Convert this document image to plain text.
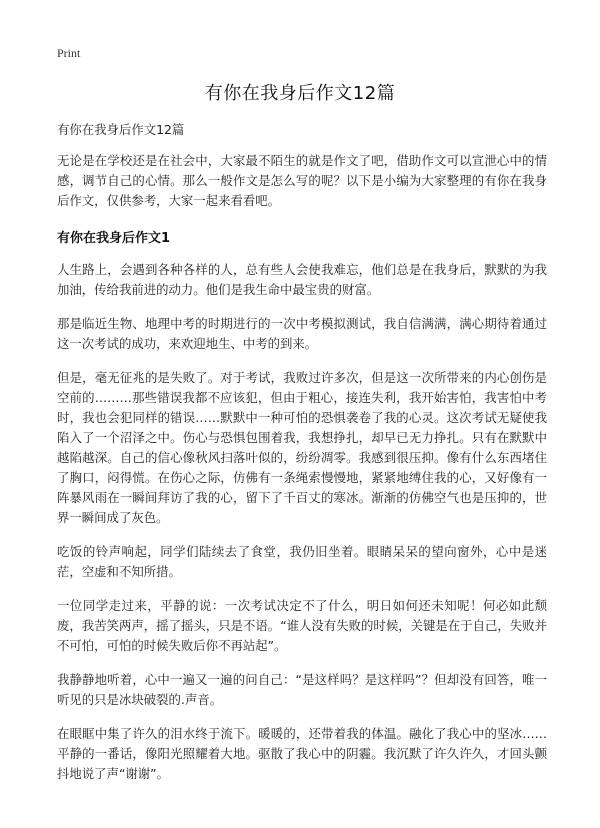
Print
有你在我身后作文12篇

有你在我身后作文12篇

无论是在学校还是在社会中，大家最不陌生的就是作文了吧，借助作文可以宣泄心中的情感，调节自己的心情。那么一般作文是怎么写的呢？以下是小编为大家整理的有你在我身后作文，仅供参考，大家一起来看看吧。

有你在我身后作文1

人生路上，会遇到各种各样的人，总有些人会使我难忘，他们总是在我身后，默默的为我加油，传给我前进的动力。他们是我生命中最宝贵的财富。

那是临近生物、地理中考的时期进行的一次中考模拟测试，我自信满满，满心期待着通过这一次考试的成功，来欢迎地生、中考的到来。

但是，毫无征兆的是失败了。对于考试，我败过许多次，但是这一次所带来的内心创伤是空前的………那些错误我都不应该犯，但由于粗心，接连失利，我开始害怕，我害怕中考时，我也会犯同样的错误……默默中一种可怕的恐惧袭卷了我的心灵。这次考试无疑使我陷入了一个沼泽之中。伤心与恐惧包围着我，我想挣扎，却早已无力挣扎。只有在默默中越陷越深。自己的信心像秋风扫落叶似的，纷纷凋零。我感到很压抑。像有什么东西堵住了胸口，闷得慌。在伤心之际，仿佛有一条绳索慢慢地，紧紧地缚住我的心，又好像有一阵暴风雨在一瞬间拜访了我的心，留下了千百丈的寒冰。渐渐的仿佛空气也是压抑的，世界一瞬间成了灰色。

吃饭的铃声响起，同学们陆续去了食堂，我仍旧坐着。眼睛呆呆的望向窗外，心中是迷茫，空虚和不知所措。

一位同学走过来，平静的说：一次考试决定不了什么，明日如何还未知呢！何必如此颓废，我苦笑两声，摇了摇头，只是不语。“谁人没有失败的时候，关键是在于自己，失败并不可怕，可怕的时候失败后你不再站起”。

我静静地听着，心中一遍又一遍的问自己：“是这样吗？是这样吗”？但却没有回答，唯一听见的只是冰块破裂的.声音。

在眼眶中集了许久的泪水终于流下。暖暖的，还带着我的体温。融化了我心中的坚冰……平静的一番话，像阳光照耀着大地。驱散了我心中的阴霾。我沉默了许久许久，才回头颤抖地说了声“谢谢”。
